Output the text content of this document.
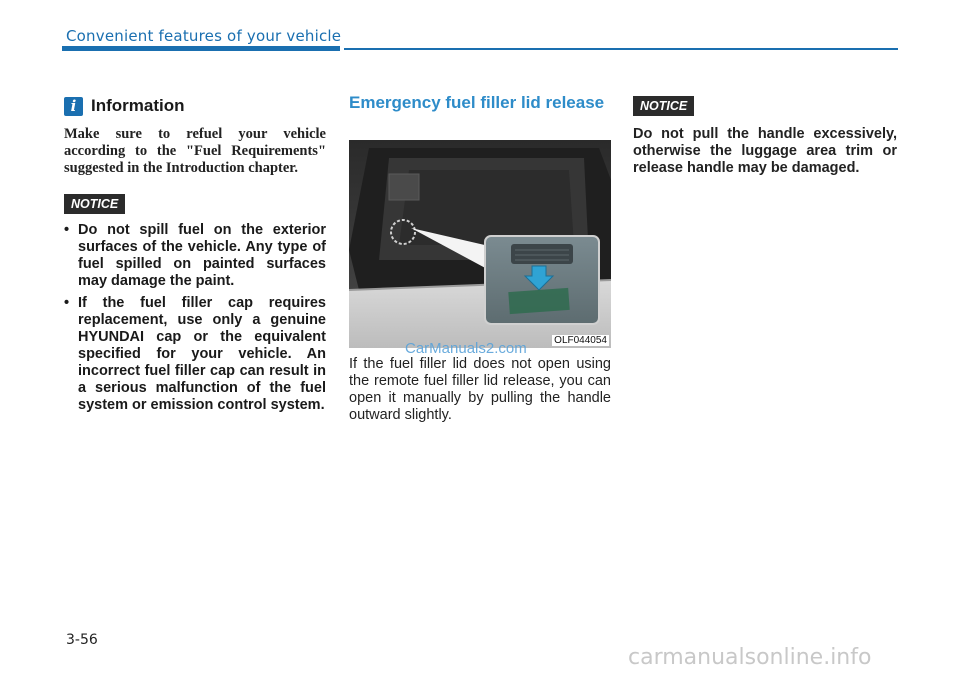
Convenient features of your vehicle
i Information
Make sure to refuel your vehicle according to the "Fuel Requirements" suggested in the Introduction chapter.
NOTICE
• Do not spill fuel on the exterior surfaces of the vehicle. Any type of fuel spilled on painted surfaces may damage the paint.
• If the fuel filler cap requires replacement, use only a genuine HYUNDAI cap or the equivalent specified for your vehicle. An incorrect fuel filler cap can result in a serious malfunction of the fuel system or emission control system.
Emergency fuel filler lid release
OLF044054
CarManuals2.com
If the fuel filler lid does not open using the remote fuel filler lid release, you can open it manually by pulling the handle outward slightly.
NOTICE
Do not pull the handle excessively, otherwise the luggage area trim or release handle may be damaged.
3-56
carmanualsonline.info
